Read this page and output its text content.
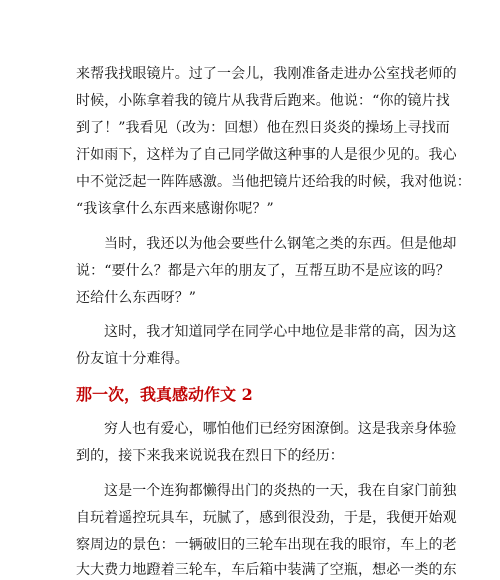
来帮我找眼镜片。过了一会儿，我刚准备走进办公室找老师的
时候，小陈拿着我的镜片从我背后跑来。他说：“你的镜片找
到了！”我看见（改为：回想）他在烈日炎炎的操场上寻找而
汗如雨下，这样为了自己同学做这种事的人是很少见的。我心
中不觉泛起一阵阵感激。当他把镜片还给我的时候，我对他说：
“我该拿什么东西来感谢你呢？”
当时，我还以为他会要些什么钢笔之类的东西。但是他却
说：“要什么？都是六年的朋友了，互帮互助不是应该的吗？
还给什么东西呀？”
这时，我才知道同学在同学心中地位是非常的高，因为这
份友谊十分难得。
那一次，我真感动作文 2
穷人也有爱心，哪怕他们已经穷困潦倒。这是我亲身体验
到的，接下来我来说说我在烈日下的经历：
这是一个连狗都懒得出门的炎热的一天，我在自家门前独
自玩着遥控玩具车，玩腻了，感到很没劲，于是，我便开始观
察周边的景色：一辆破旧的三轮车出现在我的眼帘，车上的老
大大费力地蹬着三轮车，车后箱中装满了空瓶，想必一类的东
